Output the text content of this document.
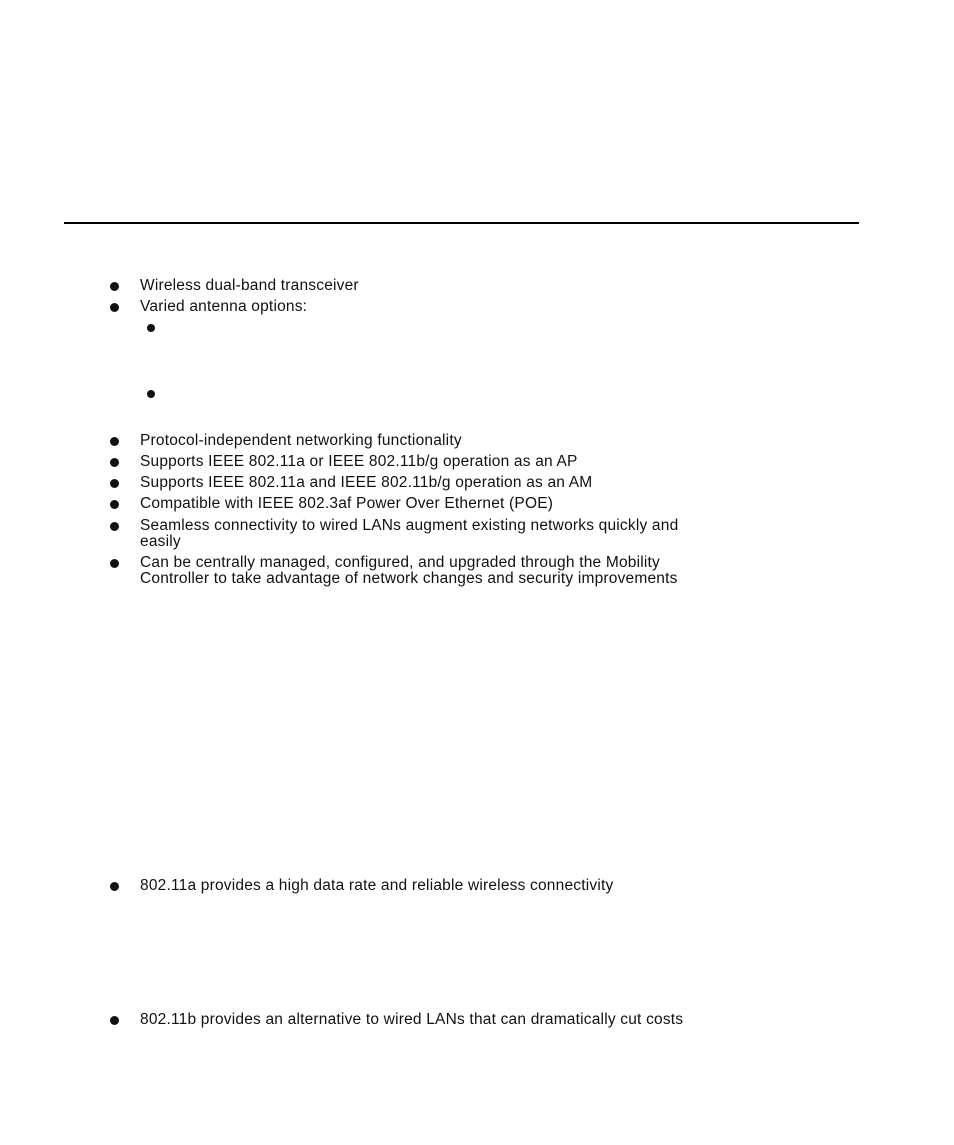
Wireless dual-band transceiver
Varied antenna options:
Protocol-independent networking functionality
Supports IEEE 802.11a or IEEE 802.11b/g operation as an AP
Supports IEEE 802.11a and IEEE 802.11b/g operation as an AM
Compatible with IEEE 802.3af Power Over Ethernet (POE)
Seamless connectivity to wired LANs augment existing networks quickly and
easily
Can be centrally managed, configured, and upgraded through the Mobility
Controller to take advantage of network changes and security improvements
802.11a provides a high data rate and reliable wireless connectivity
802.11b provides an alternative to wired LANs that can dramatically cut costs
